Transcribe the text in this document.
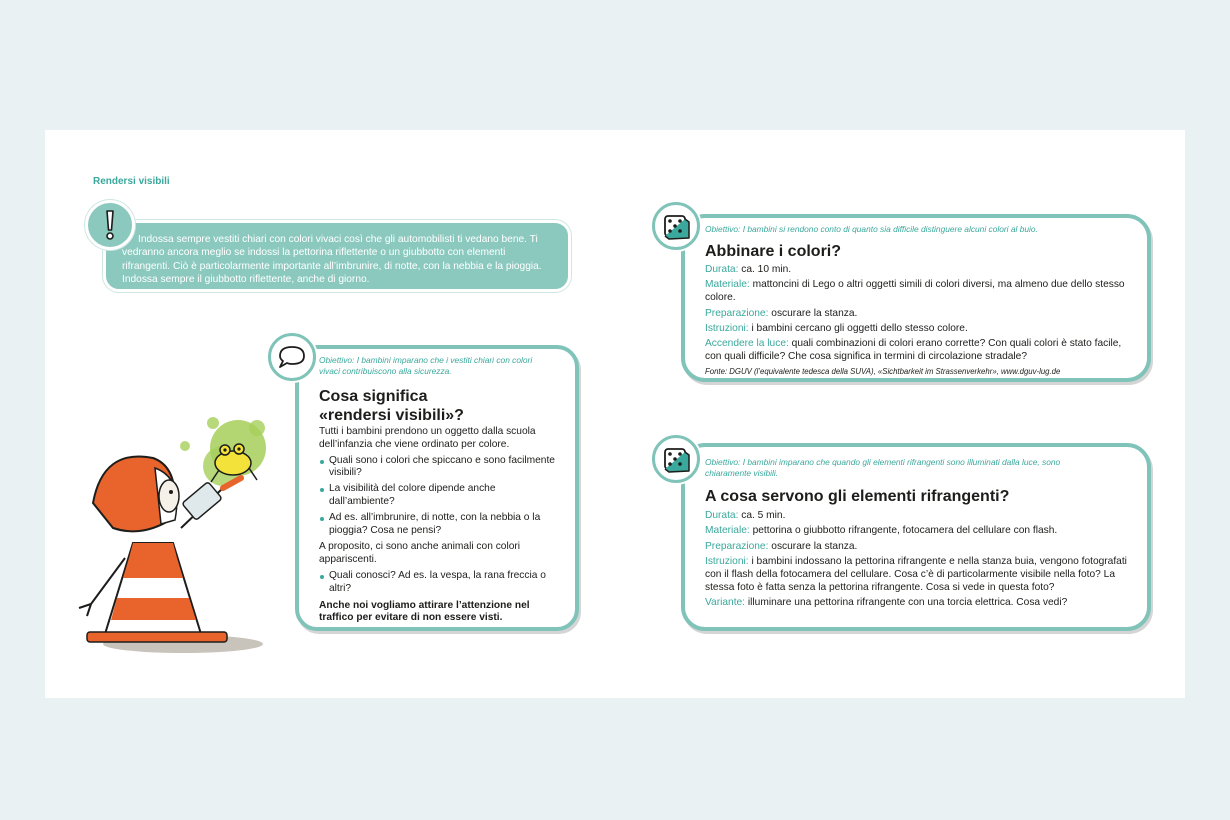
Rendersi visibili
Indossa sempre vestiti chiari con colori vivaci così che gli automobilisti ti vedano bene. Ti vedranno ancora meglio se indossi la pettorina riflettente o un giubbotto con elementi rifrangenti. Ciò è particolarmente importante all’imbrunire, di notte, con la nebbia e la pioggia. Indossa sempre il giubbotto riflettente, anche di giorno.
Obiettivo: I bambini imparano che i vestiti chiari con colori vivaci contribuiscono alla sicurezza.
Cosa significa
«rendersi visibili»?
Tutti i bambini prendono un oggetto dalla scuola dell’infanzia che viene ordinato per colore.
Quali sono i colori che spiccano e sono facilmente visibili?
La visibilità del colore dipende anche dall’ambiente?
Ad es. all’imbrunire, di notte, con la nebbia o la pioggia? Cosa ne pensi?
A proposito, ci sono anche animali con colori appariscenti.
Quali conosci? Ad es. la vespa, la rana freccia o altri?
Anche noi vogliamo attirare l’attenzione nel traffico per evitare di non essere visti.
Obiettivo: I bambini si rendono conto di quanto sia difficile distinguere alcuni colori al buio.
Abbinare i colori?
Durata: ca. 10 min.
Materiale: mattoncini di Lego o altri oggetti simili di colori diversi, ma almeno due dello stesso colore.
Preparazione: oscurare la stanza.
Istruzioni: i bambini cercano gli oggetti dello stesso colore.
Accendere la luce: quali combinazioni di colori erano corrette? Con quali colori è stato facile, con quali difficile? Che cosa significa in termini di circolazione stradale?
Fonte: DGUV (l’equivalente tedesca della SUVA), «Sichtbarkeit im Strassenverkehr», www.dguv-lug.de
Obiettivo: I bambini imparano che quando gli elementi rifrangenti sono illuminati dalla luce, sono chiaramente visibili.
A cosa servono gli elementi rifrangenti?
Durata: ca. 5 min.
Materiale: pettorina o giubbotto rifrangente, fotocamera del cellulare con flash.
Preparazione: oscurare la stanza.
Istruzioni: i bambini indossano la pettorina rifrangente e nella stanza buia, vengono fotografati con il flash della fotocamera del cellulare. Cosa c’è di particolarmente visibile nella foto? La stessa foto è fatta senza la pettorina rifrangente. Cosa si vede in questa foto?
Variante: illuminare una pettorina rifrangente con una torcia elettrica. Cosa vedi?
